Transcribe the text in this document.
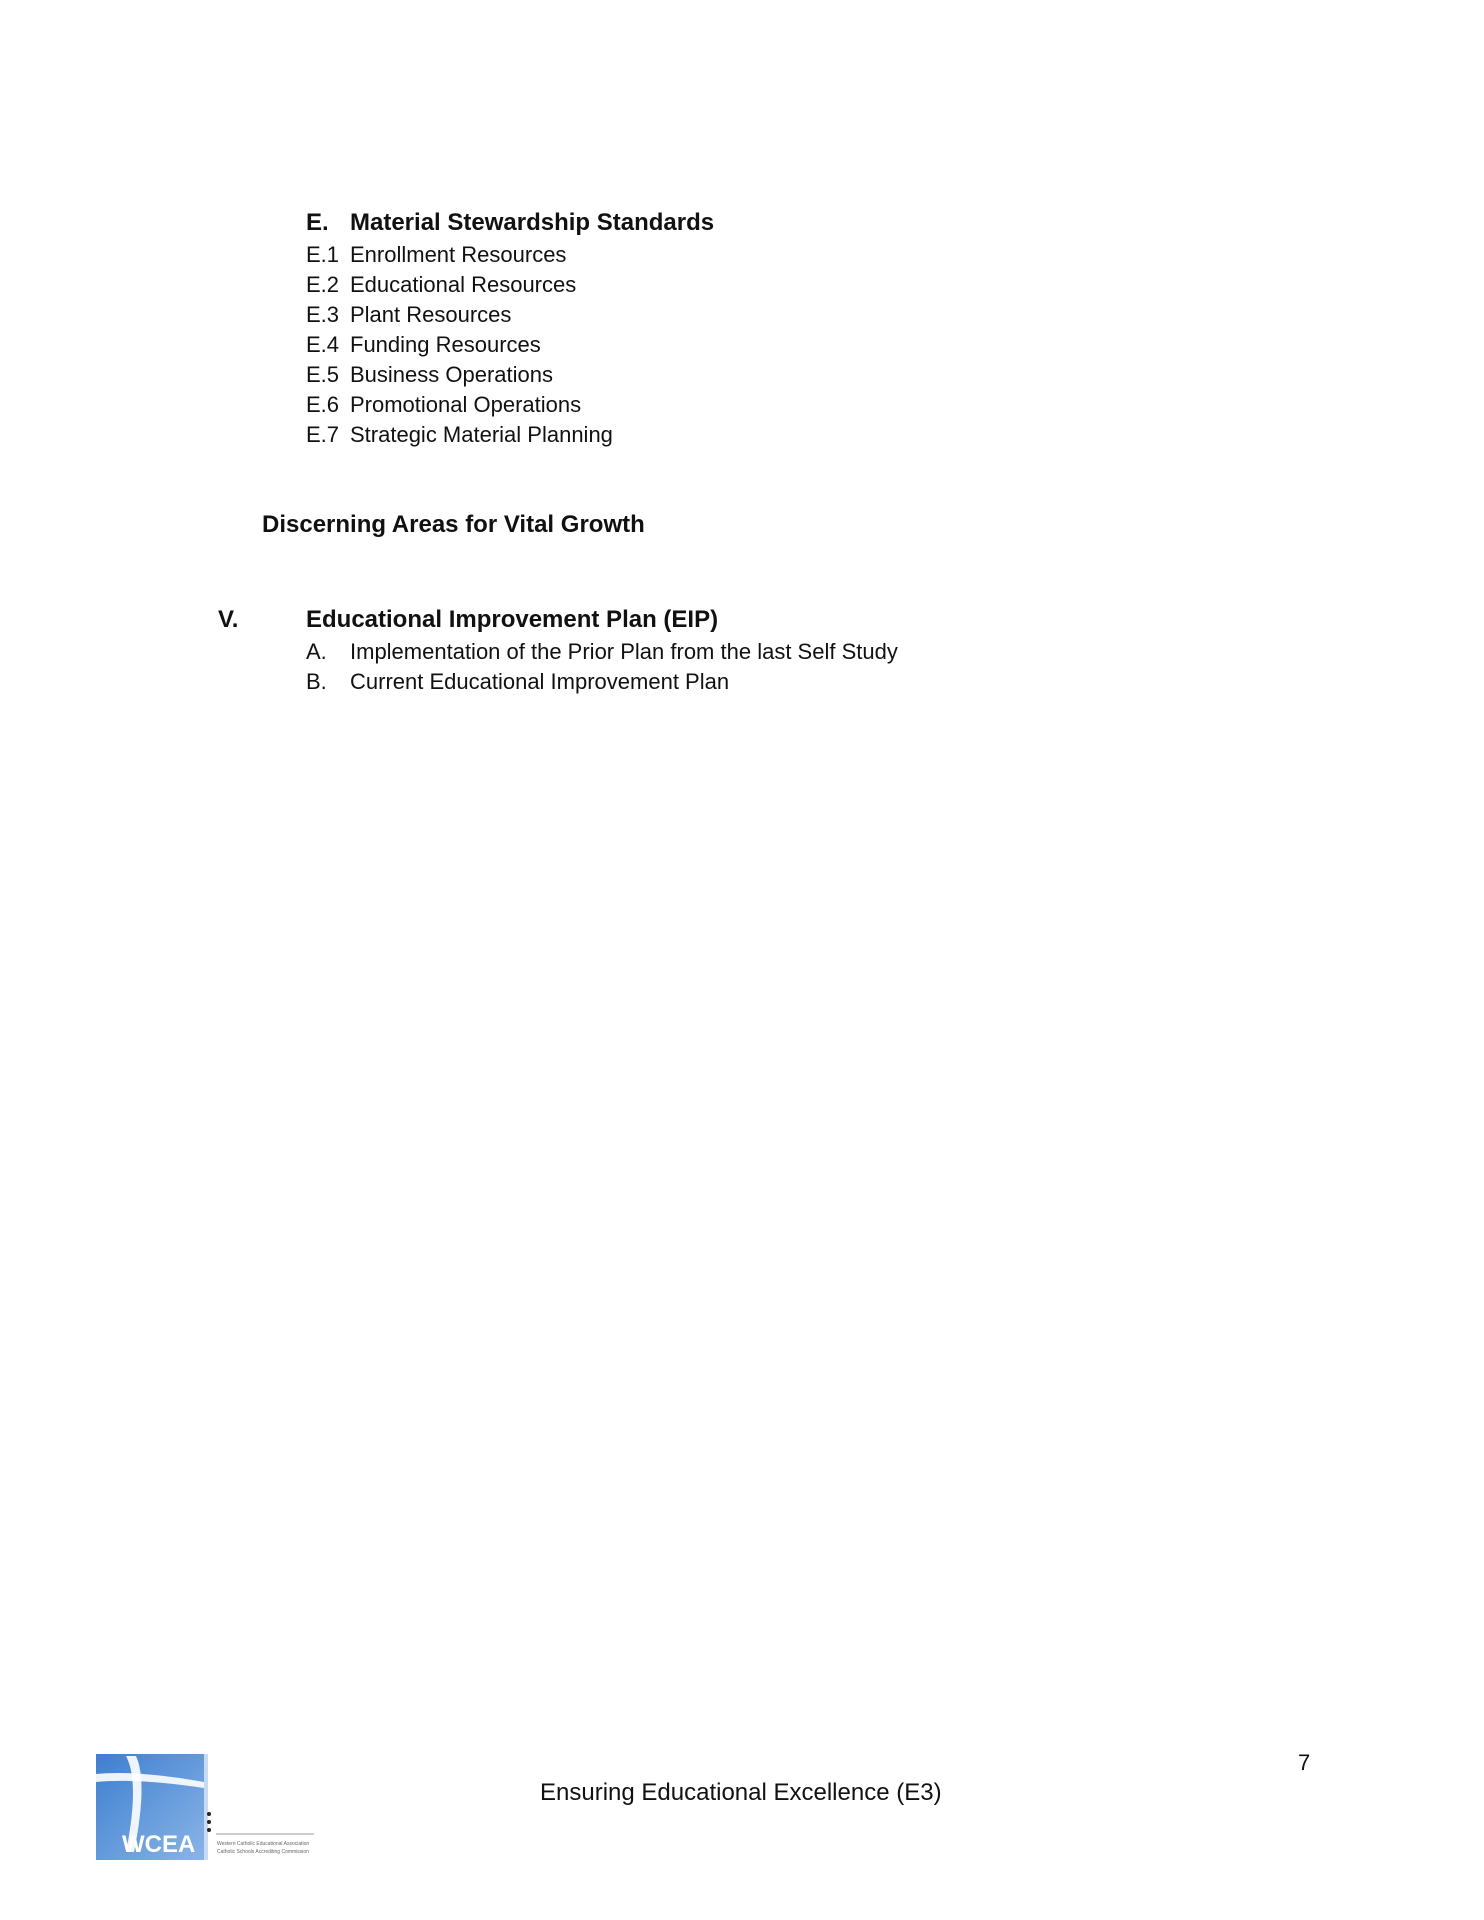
E. Material Stewardship Standards
E.1 Enrollment Resources
E.2 Educational Resources
E.3 Plant Resources
E.4 Funding Resources
E.5 Business Operations
E.6 Promotional Operations
E.7 Strategic Material Planning
Discerning Areas for Vital Growth
V.	Educational Improvement Plan (EIP)
A. Implementation of the Prior Plan from the last Self Study
B. Current Educational Improvement Plan
7
Ensuring Educational Excellence (E3)
WCEA	Western Catholic Educational Association
Catholic Schools Accrediting Commission
